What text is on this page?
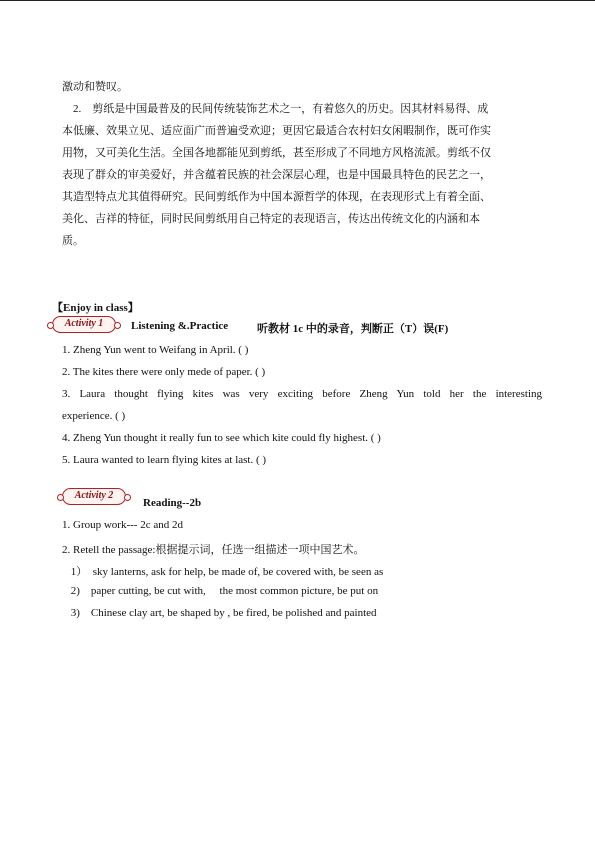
激动和赞叹。
2.    剪纸是中国最普及的民间传统装饰艺术之一，有着悠久的历史。因其材料易得、成
本低廉、效果立见、适应面广而普遍受欢迎；更因它最适合农村妇女闲暇制作，既可作实
用物，又可美化生活。全国各地都能见到剪纸，甚至形成了不同地方风格流派。剪纸不仅
表现了群众的审美爱好，并含蕴着民族的社会深层心理，也是中国最具特色的民艺之一，
其造型特点尤其值得研究。民间剪纸作为中国本源哲学的体现，在表现形式上有着全面、
美化、吉祥的特征，同时民间剪纸用自己特定的表现语言，传达出传统文化的内涵和本
质。
【Enjoy in class】
Activity 1	Listening &.Practice	听教材 1c 中的录音，判断正（T）误(F)
1. Zheng Yun went to Weifang in April. ( )
2. The kites there were only mede of paper. ( )
3. Laura thought flying kites was very exciting before Zheng Yun told her the interesting
experience. ( )
4. Zheng Yun thought it really fun to see which kite could fly highest. ( )
5. Laura wanted to learn flying kites at last. ( )
Activity 2
Reading--2b
1. Group work--- 2c and 2d
2. Retell the passage:根据提示词，任选一组描述一项中国艺术。
1）  sky lanterns, ask for help, be made of, be covered with, be seen as
2)    paper cutting, be cut with,     the most common picture, be put on
3)    Chinese clay art, be shaped by , be fired, be polished and painted
